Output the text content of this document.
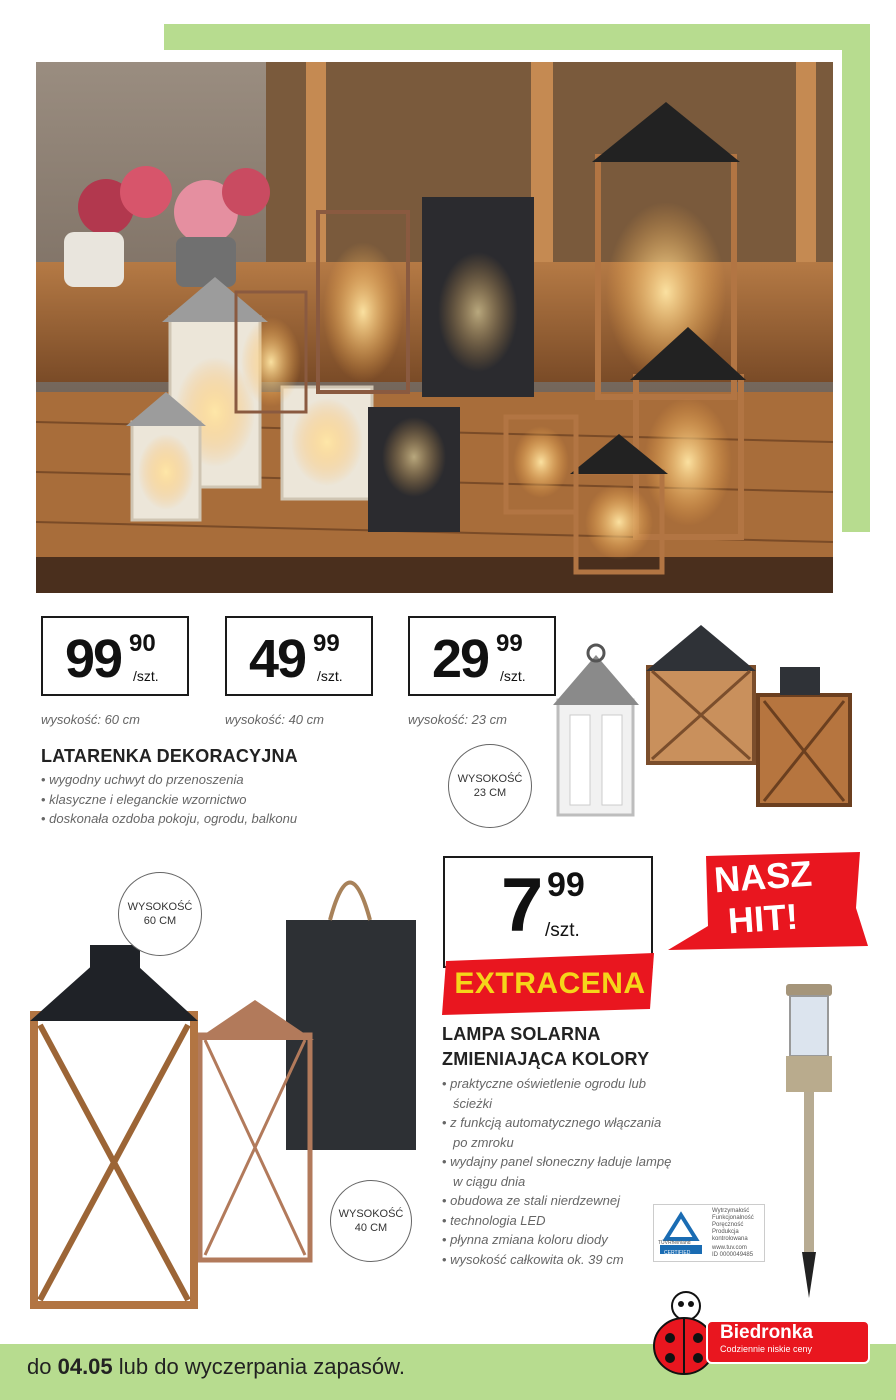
99 90
/szt. 49 99
/szt. 29 99
/szt.
wysokość: 60 cm	wysokość: 40 cm	wysokość: 23 cm
LATARENKA DEKORACYJNA
• wygodny uchwyt do przenoszenia
• klasyczne i eleganckie wzornictwo
• doskonała ozdoba pokoju, ogrodu, balkonu
WYSOKOŚĆ
23 CM
WYSOKOŚĆ
60 CM
WYSOKOŚĆ
40 CM
7 99
/szt.
EXTRACENA
NASZ
HIT!
LAMPA SOLARNA
ZMIENIAJĄCA KOLORY
• praktyczne oświetlenie ogrodu lub
ścieżki
• z funkcją automatycznego włączania
po zmroku
• wydajny panel słoneczny ładuje lampę
w ciągu dnia
• obudowa ze stali nierdzewnej
• technologia LED
• płynna zmiana koloru diody
• wysokość całkowita ok. 39 cm
TÜVRheinland
CERTIFIED
Wytrzymałość
Funkcjonalność
Poręczność
Produkcja
kontrolowana
www.tuv.com
ID 0000049485
do 04.05 lub do wyczerpania zapasów.
Biedronka
Codziennie niskie ceny
